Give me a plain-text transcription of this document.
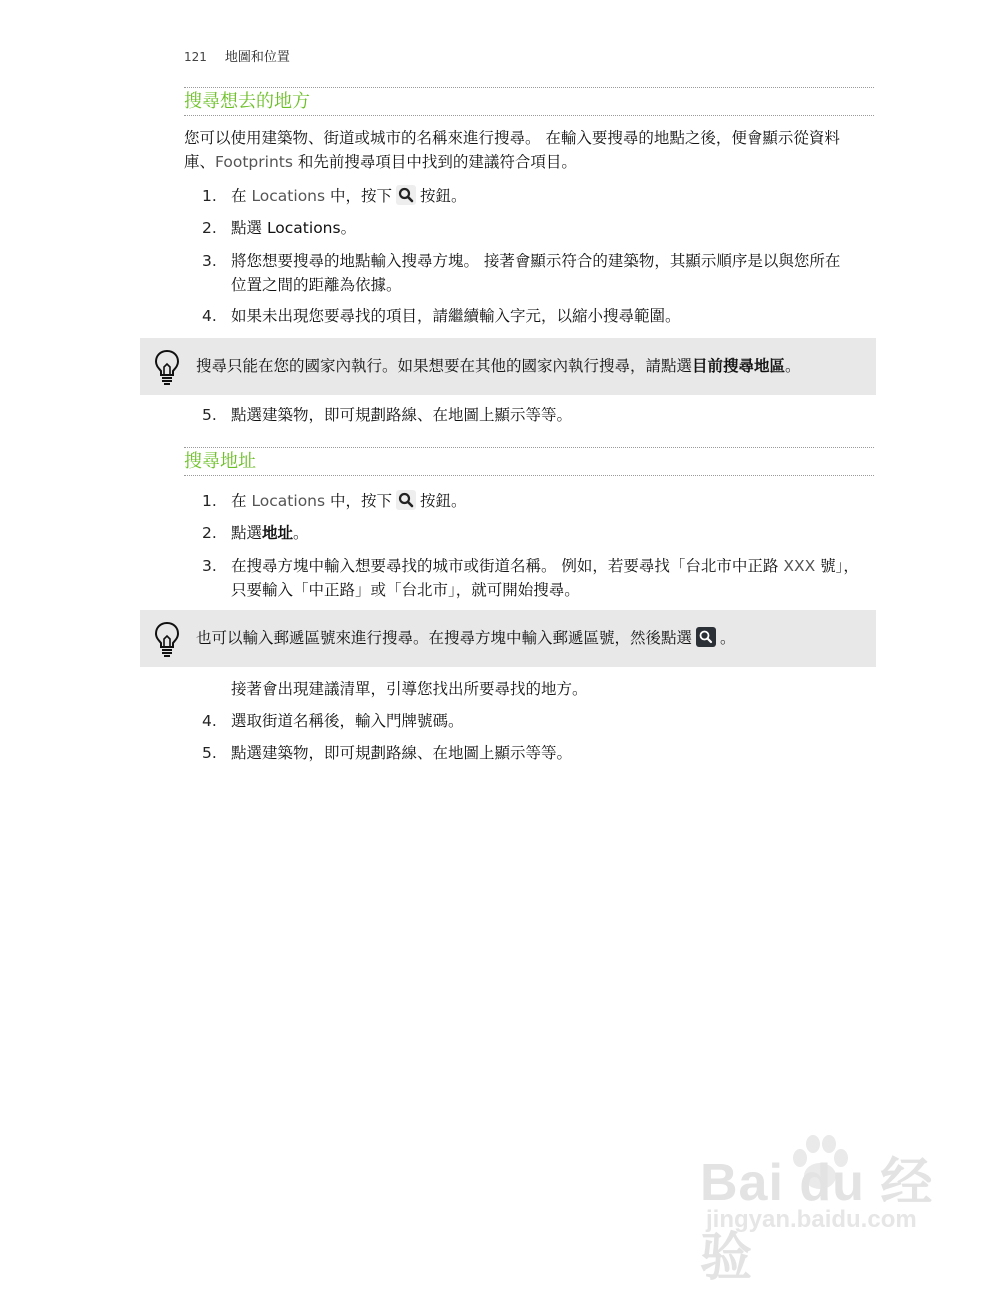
121 地圖和位置
搜尋想去的地方
您可以使用建築物、街道或城市的名稱來進行搜尋。 在輸入要搜尋的地點之後，便會顯示從資料
庫、Footprints 和先前搜尋項目中找到的建議符合項目。
1. 在 Locations 中，按下 按鈕。
2. 點選 Locations。
3. 將您想要搜尋的地點輸入搜尋方塊。 接著會顯示符合的建築物，其顯示順序是以與您所在
位置之間的距離為依據。
4. 如果未出現您要尋找的項目，請繼續輸入字元，以縮小搜尋範圍。
搜尋只能在您的國家內執行。如果想要在其他的國家內執行搜尋，請點選目前搜尋地區。
5. 點選建築物，即可規劃路線、在地圖上顯示等等。
搜尋地址
1. 在 Locations 中，按下 按鈕。
2. 點選地址。
3. 在搜尋方塊中輸入想要尋找的城市或街道名稱。 例如，若要尋找「台北市中正路 XXX 號」，
只要輸入「中正路」或「台北市」，就可開始搜尋。
也可以輸入郵遞區號來進行搜尋。在搜尋方塊中輸入郵遞區號，然後點選 。
接著會出現建議清單，引導您找出所要尋找的地方。
4. 選取街道名稱後，輸入門牌號碼。
5. 點選建築物，即可規劃路線、在地圖上顯示等等。
Bai du 经验
jingyan.baidu.com
